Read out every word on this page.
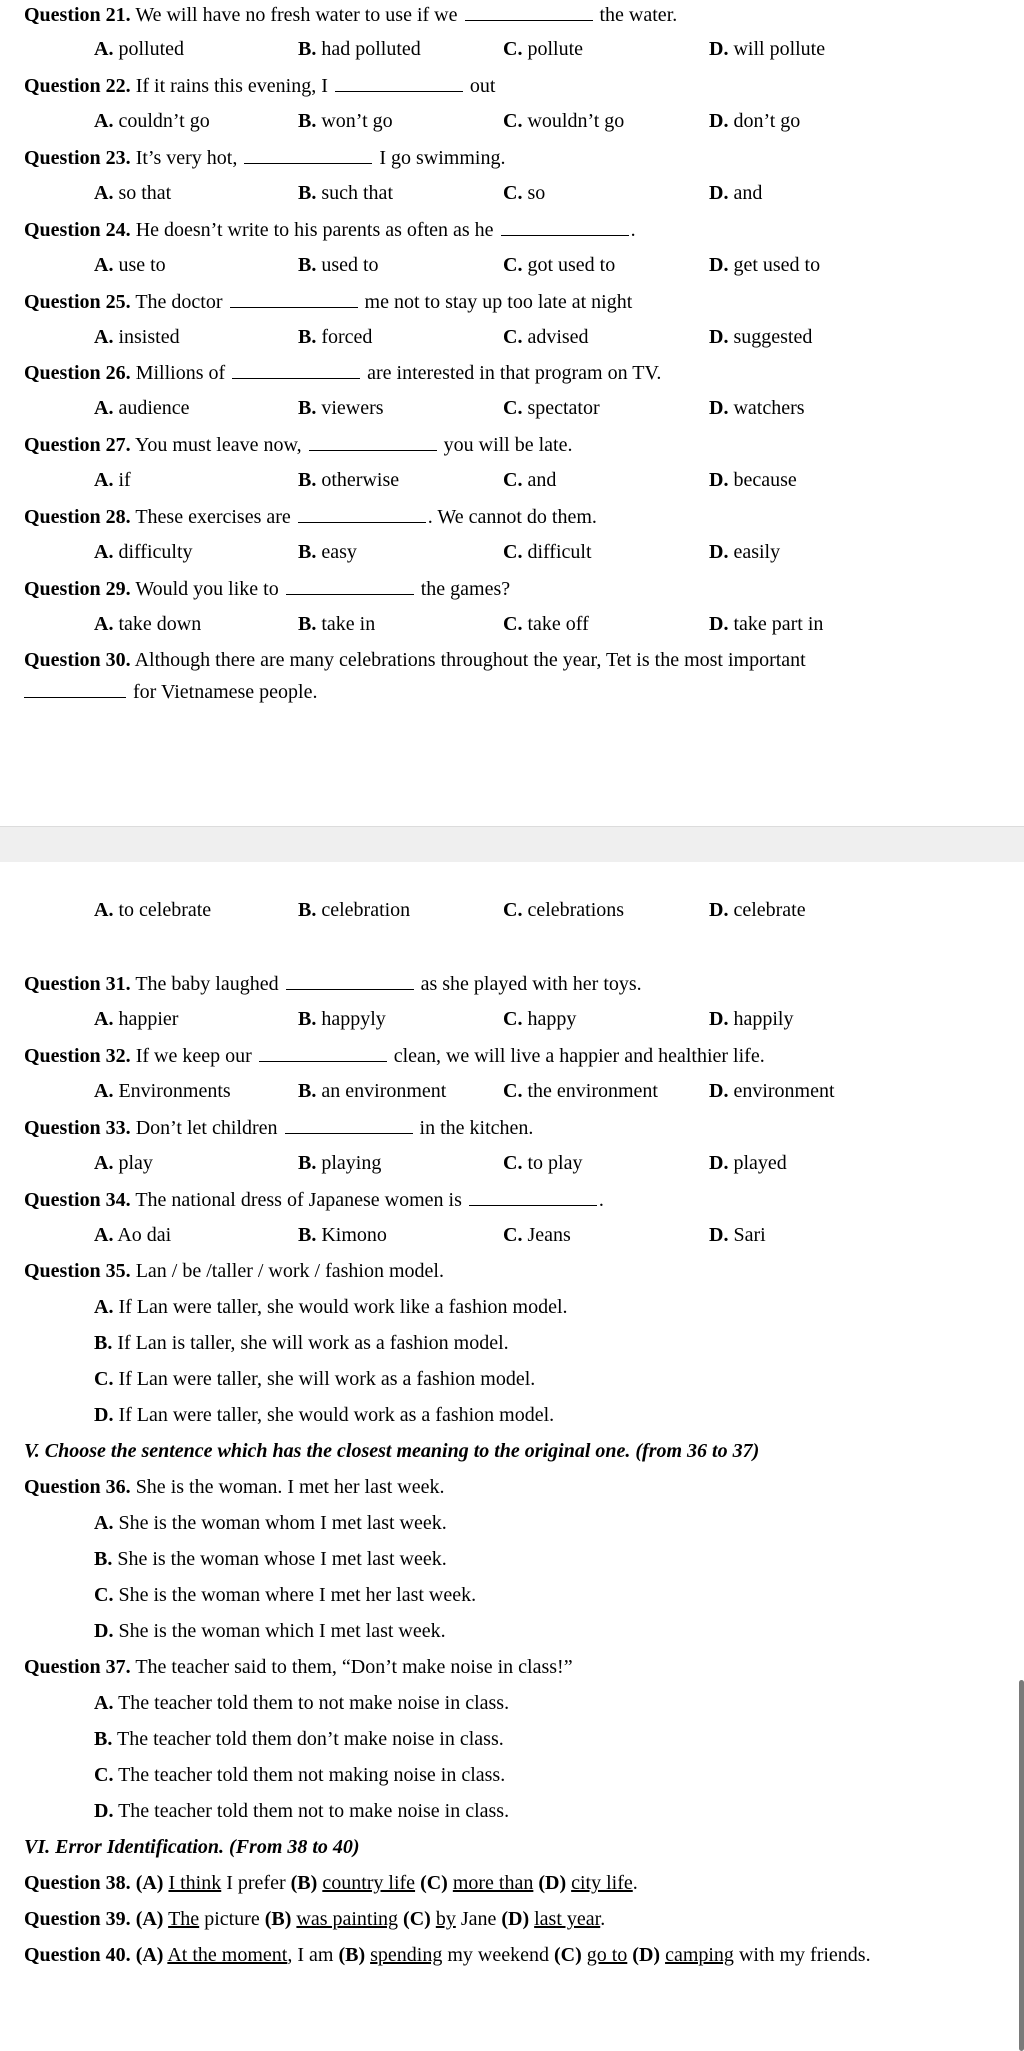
Question 21. We will have no fresh water to use if we	the water.
A. polluted	B. had polluted	C. pollute	D. will pollute
Question 22. If it rains this evening, I	out
A. couldn’t go	B. won’t go	C. wouldn’t go	D. don’t go
Question 23. It’s very hot,	I go swimming.
A. so that	B. such that	C. so	D. and
Question 24. He doesn’t write to his parents as often as he	.
A. use to	B. used to	C. got used to	D. get used to
Question 25. The doctor	me not to stay up too late at night
A. insisted	B. forced	C. advised	D. suggested
Question 26. Millions of	are interested in that program on TV.
A. audience	B. viewers	C. spectator	D. watchers
Question 27. You must leave now,	you will be late.
A. if	B. otherwise	C. and	D. because
Question 28. These exercises are	. We cannot do them.
A. difficulty	B. easy	C. difficult	D. easily
Question 29. Would you like to	the games?
A. take down	B. take in	C. take off	D. take part in
Question 30. Although there are many celebrations throughout the year, Tet is the most important
for Vietnamese people.
A. to celebrate	B. celebration	C. celebrations	D. celebrate
Question 31. The baby laughed	as she played with her toys.
A. happier	B. happyly	C. happy	D. happily
Question 32. If we keep our	clean, we will live a happier and healthier life.
A. Environments	B. an environment	C. the environment	D. environment
Question 33. Don’t let children	in the kitchen.
A. play	B. playing	C. to play	D. played
Question 34. The national dress of Japanese women is	.
A. Ao dai	B. Kimono	C. Jeans	D. Sari
Question 35. Lan / be /taller / work / fashion model.
A. If Lan were taller, she would work like a fashion model.
B. If Lan is taller, she will work as a fashion model.
C. If Lan were taller, she will work as a fashion model.
D. If Lan were taller, she would work as a fashion model.
V. Choose the sentence which has the closest meaning to the original one. (from 36 to 37)
Question 36. She is the woman. I met her last week.
A. She is the woman whom I met last week.
B. She is the woman whose I met last week.
C. She is the woman where I met her last week.
D. She is the woman which I met last week.
Question 37. The teacher said to them, “Don’t make noise in class!”
A. The teacher told them to not make noise in class.
B. The teacher told them don’t make noise in class.
C. The teacher told them not making noise in class.
D. The teacher told them not to make noise in class.
VI. Error Identification. (From 38 to 40)
Question 38. (A) I think I prefer (B) country life (C) more than (D) city life.
Question 39. (A) The picture (B) was painting (C) by Jane (D) last year.
Question 40. (A) At the moment, I am (B) spending my weekend (C) go to (D) camping with my friends.
